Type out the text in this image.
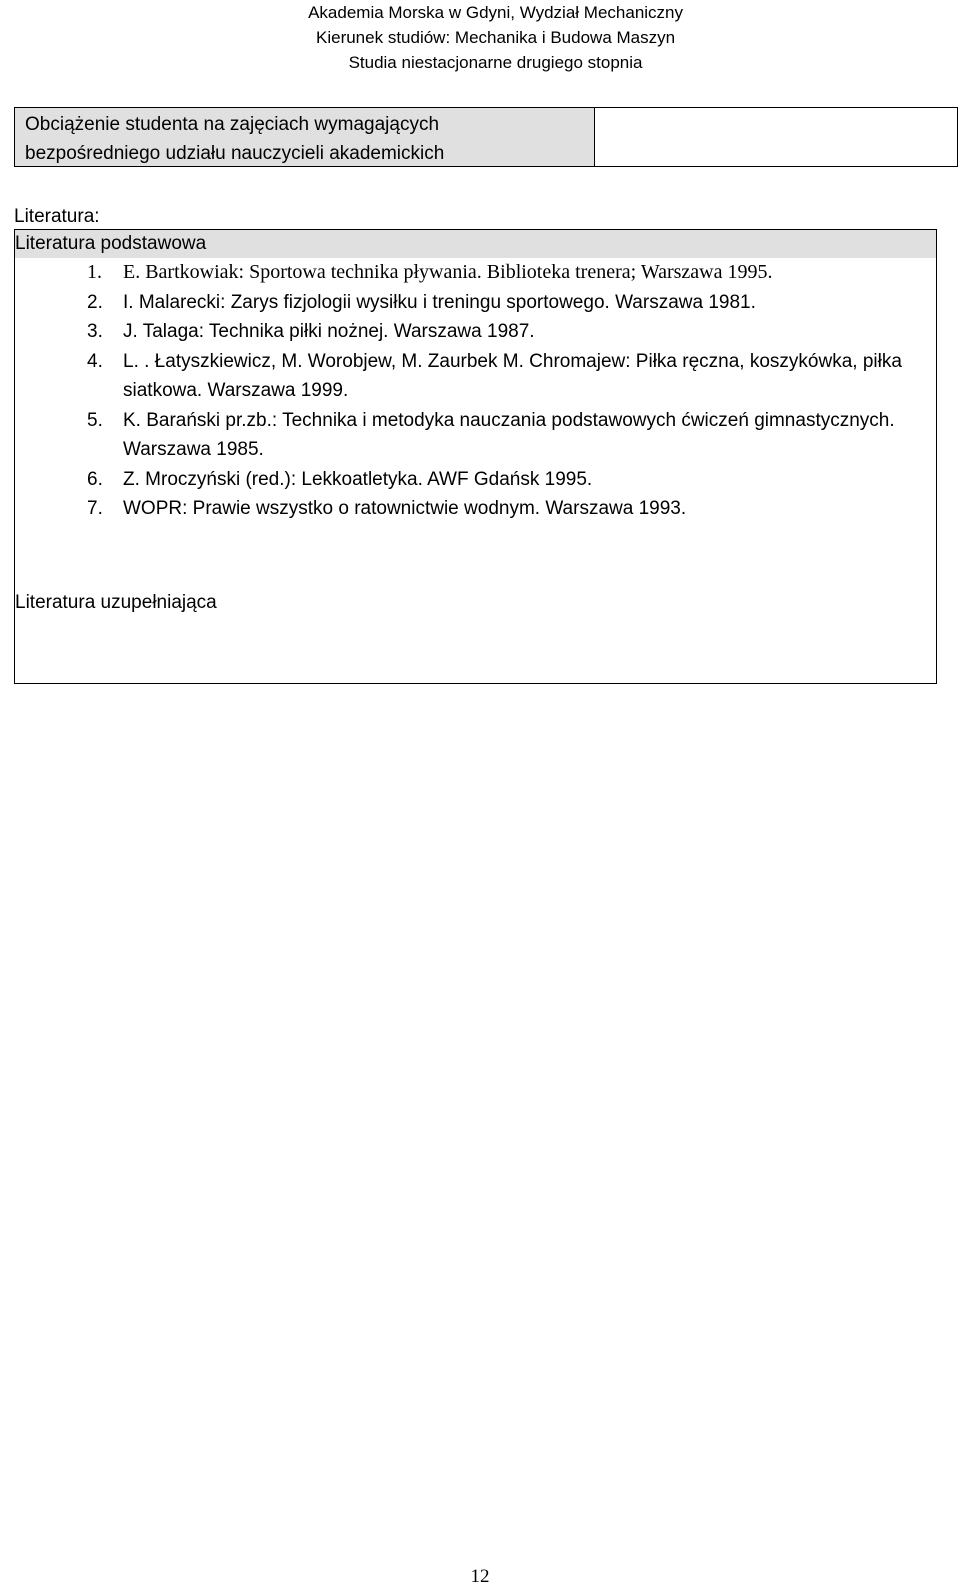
Akademia Morska w Gdyni, Wydział Mechaniczny
Kierunek studiów: Mechanika i Budowa Maszyn
Studia niestacjonarne drugiego stopnia
Obciążenie studenta na zajęciach wymagających
bezpośredniego udziału nauczycieli akademickich
Literatura:
Literatura podstawowa
1. E. Bartkowiak: Sportowa technika pływania. Biblioteka trenera; Warszawa 1995.
2. I. Malarecki: Zarys fizjologii wysiłku i treningu sportowego. Warszawa 1981.
3. J. Talaga: Technika piłki nożnej. Warszawa 1987.
4. L. . Łatyszkiewicz, M. Worobjew, M. Zaurbek M. Chromajew: Piłka ręczna, koszykówka, piłka siatkowa. Warszawa 1999.
5. K. Barański pr.zb.: Technika i metodyka nauczania podstawowych ćwiczeń gimnastycznych. Warszawa 1985.
6. Z. Mroczyński (red.): Lekkoatletyka. AWF Gdańsk 1995.
7. WOPR: Prawie wszystko o ratownictwie wodnym. Warszawa 1993.
Literatura uzupełniająca
12
